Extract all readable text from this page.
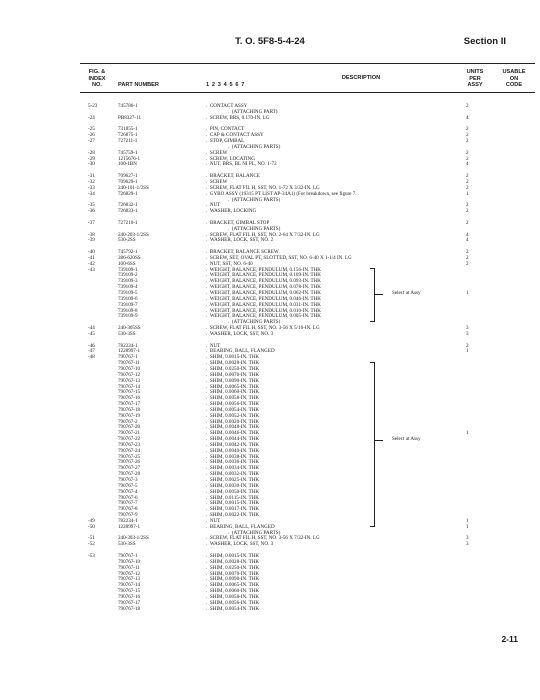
T. O. 5F8-5-4-24	Section II
FIG. &
INDEX
NO.	PART NUMBER	1 2 3 4 5 6 7
DESCRIPTION
UNITS
PER
ASSY
USABLE
ON
CODE
5-23	745786-1	.  CONTACT ASSY	2
.  (ATTACHING PART)
-24	PB8327-11	.  SCREW, BRS, 0.170-IN. LG	4
-25	731855-1	.  PIN, CONTACT	2
-26	726875-1	.  CAP & CONTACT ASSY	2
-27	727211-1	.  STOP, GIMBAL	2
.  (ATTACHING PARTS)
-28	745759-1	.  SCREW	2
-29	1215676-1	.  SCREW, LOCATING	2
-30	100-1BN	.  NUT, BRS, BL NI PL, NO. 1-72	4
-31	709627-1	.  BRACKET, BALANCE	2
-32	709629-1	.  SCREW	2
-33	240-101-1/2SS	.  SCREW, FLAT FIL H, SST, NO. 1-72 X 3/32-IN. LG	2
-34	726829-1	.  GYRO ASSY (19315 PT LIST AP-34A1) (For breakdown, see figure 7.	1
.  (ATTACHING PARTS)
-35	726832-1	.  NUT	2
-36	726833-1	.  WASHER, LOCKING	2
-37	727210-1	.  BRACKET, GIMBAL STOP	2
.  (ATTACHING PARTS)
-38	240-203-1/2SS	.  SCREW, FLAT FIL H, SST, NO. 2-64 X 7/32-IN. LG	4
-39	530-2SS	.  WASHER, LOCK, SST, NO. 2	4
-40	745792-1	.  BRACKET, BALANCE SCREW	2
-41	386-620SS	.  SCREW, SET, OVAL PT, SLOTTED, SST, NO. 6-40 X 1-1/4 IN. LG	2
-42	100-6SS	.  NUT, SST, NO. 6-40	2
-43	739109-1	.  WEIGHT, BALANCE, PENDULUM, 0.156-IN. THK
739109-2	.  WEIGHT, BALANCE, PENDULUM, 0.109-IN. THK
739109-3	.  WEIGHT, BALANCE, PENDULUM, 0.093-IN. THK
739109-4	.  WEIGHT, BALANCE, PENDULUM, 0.078-IN. THK
739109-5	.  WEIGHT, BALANCE, PENDULUM, 0.062-IN. THK	1
739109-6	.  WEIGHT, BALANCE, PENDULUM, 0.046-IN. THK
739109-7	.  WEIGHT, BALANCE, PENDULUM, 0.031-IN. THK
739109-8	.  WEIGHT, BALANCE, PENDULUM, 0.010-IN. THK
739109-9	.  WEIGHT, BALANCE, PENDULUM, 0.005-IN. THK
.  (ATTACHING PARTS)
-44	240-305SS	.  SCREW, FLAT FIL H, SST, NO. 3-56 X 5/16-IN. LG	3
-45	530-3SS	.  WASHER, LOCK, SST, NO. 3	3
-46	782234-1	.  NUT	2
-47	1228997-1	.  BEARING, BALL, FLANGED	1
-48	790767-1	.  SHIM, 0.0015-IN. THK
790767-11	.  SHIM, 0.0028-IN. THK
790767-10	.  SHIM, 0.0250-IN. THK
790767-12	.  SHIM, 0.0070-IN. THK
790767-13	.  SHIM, 0.0090-IN. THK
790767-14	.  SHIM, 0.0065-IN. THK
790767-15	.  SHIM, 0.0060-IN. THK
790767-16	.  SHIM, 0.0058-IN. THK
790767-17	.  SHIM, 0.0056-IN. THK
790767-18	.  SHIM, 0.0054-IN. THK
790767-19	.  SHIM, 0.0052-IN. THK
790767-2	.  SHIM, 0.0020-IN. THK
790767-20	.  SHIM, 0.0048-IN. THK
790767-21	.  SHIM, 0.0046-IN. THK	1
790767-22	.  SHIM, 0.0044-IN. THK
790767-23	.  SHIM, 0.0042-IN. THK
790767-24	.  SHIM, 0.0040-IN. THK
790767-25	.  SHIM, 0.0038-IN. THK
790767-26	.  SHIM, 0.0036-IN. THK
790767-27	.  SHIM, 0.0034-IN. THK
790767-28	.  SHIM, 0.0032-IN. THK
790767-3	.  SHIM, 0.0025-IN. THK
790767-5	.  SHIM, 0.0030-IN. THK
790767-4	.  SHIM, 0.0050-IN. THK
790767-6	.  SHIM, 0.0115-IN. THK
790767-7	.  SHIM, 0.0015-IN. THK
790767-8	.  SHIM, 0.0017-IN. THK
790767-9	.  SHIM, 0.0022-IN. THK
-49	782234-1	.  NUT	1
-50	1228997-1	.  BEARING, BALL, FLANGED	1
.  (ATTACHING PARTS)
-51	240-303-1/2SS	.  SCREW, FLAT FIL H, SST, NO. 3-56 X 7/32-IN. LG	3
-52	530-3SS	.  WASHER, LOCK, SST, NO. 3	3
-53	790767-1	.  SHIM, 0.0015-IN. THK
790767-10	.  SHIM, 0.0028-IN. THK
790767-11	.  SHIM, 0.0250-IN. THK
790767-12	.  SHIM, 0.0070-IN. THK
790767-13	.  SHIM, 0.0090-IN. THK
790767-14	.  SHIM, 0.0065-IN. THK
790767-15	.  SHIM, 0.0060-IN. THK
790767-16	.  SHIM, 0.0058-IN. THK
790767-17	.  SHIM, 0.0056-IN. THK
790767-18	.  SHIM, 0.0054-IN. THK
Select at Assy
Select at Assy
2-11
